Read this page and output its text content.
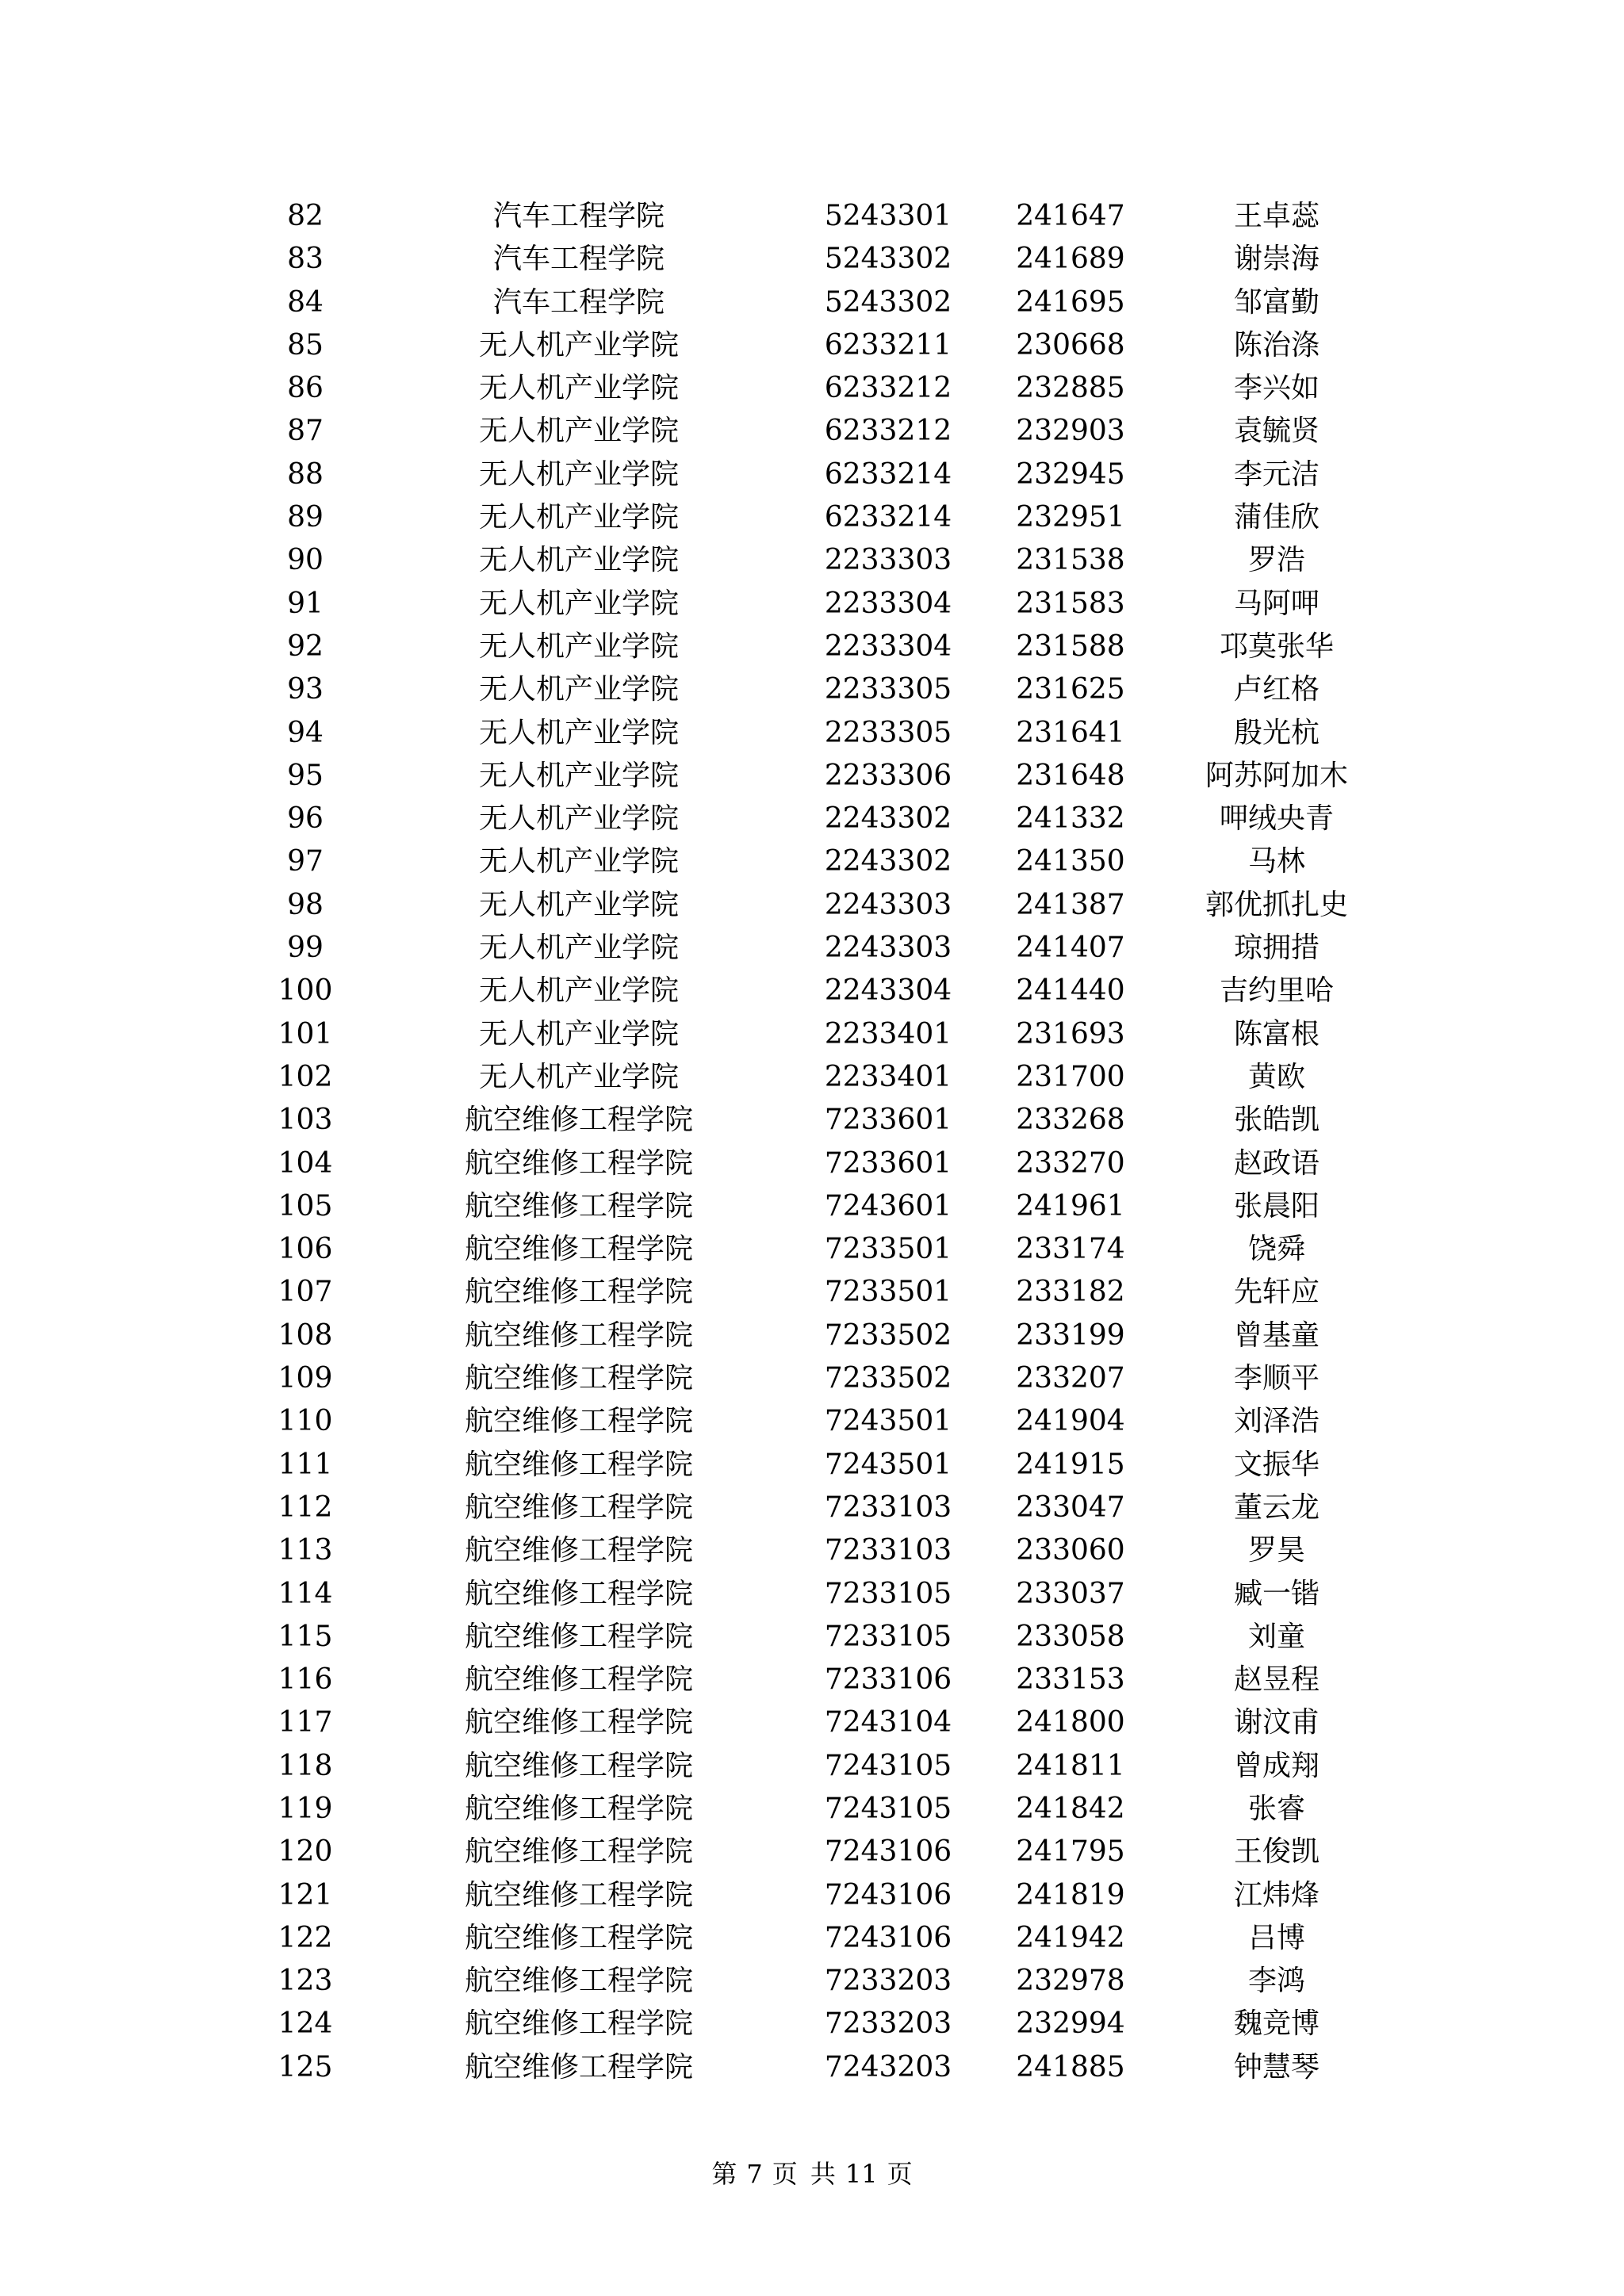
82	汽车工程学院	5243301	241647	王卓蕊
83	汽车工程学院	5243302	241689	谢崇海
84	汽车工程学院	5243302	241695	邹富勤
85	无人机产业学院	6233211	230668	陈治涤
86	无人机产业学院	6233212	232885	李兴如
87	无人机产业学院	6233212	232903	袁毓贤
88	无人机产业学院	6233214	232945	李元洁
89	无人机产业学院	6233214	232951	蒲佳欣
90	无人机产业学院	2233303	231538	罗浩
91	无人机产业学院	2233304	231583	马阿呷
92	无人机产业学院	2233304	231588	邛莫张华
93	无人机产业学院	2233305	231625	卢红格
94	无人机产业学院	2233305	231641	殷光杭
95	无人机产业学院	2233306	231648	阿苏阿加木
96	无人机产业学院	2243302	241332	呷绒央青
97	无人机产业学院	2243302	241350	马林
98	无人机产业学院	2243303	241387	郭优抓扎史
99	无人机产业学院	2243303	241407	琼拥措
100	无人机产业学院	2243304	241440	吉约里哈
101	无人机产业学院	2233401	231693	陈富根
102	无人机产业学院	2233401	231700	黄欧
103	航空维修工程学院	7233601	233268	张皓凯
104	航空维修工程学院	7233601	233270	赵政语
105	航空维修工程学院	7243601	241961	张晨阳
106	航空维修工程学院	7233501	233174	饶舜
107	航空维修工程学院	7233501	233182	先轩应
108	航空维修工程学院	7233502	233199	曾基童
109	航空维修工程学院	7233502	233207	李顺平
110	航空维修工程学院	7243501	241904	刘泽浩
111	航空维修工程学院	7243501	241915	文振华
112	航空维修工程学院	7233103	233047	董云龙
113	航空维修工程学院	7233103	233060	罗昊
114	航空维修工程学院	7233105	233037	臧一锴
115	航空维修工程学院	7233105	233058	刘童
116	航空维修工程学院	7233106	233153	赵昱程
117	航空维修工程学院	7243104	241800	谢汶甫
118	航空维修工程学院	7243105	241811	曾成翔
119	航空维修工程学院	7243105	241842	张睿
120	航空维修工程学院	7243106	241795	王俊凯
121	航空维修工程学院	7243106	241819	江炜烽
122	航空维修工程学院	7243106	241942	吕博
123	航空维修工程学院	7233203	232978	李鸿
124	航空维修工程学院	7233203	232994	魏竞博
125	航空维修工程学院	7243203	241885	钟慧琴
第 7 页 共 11 页
